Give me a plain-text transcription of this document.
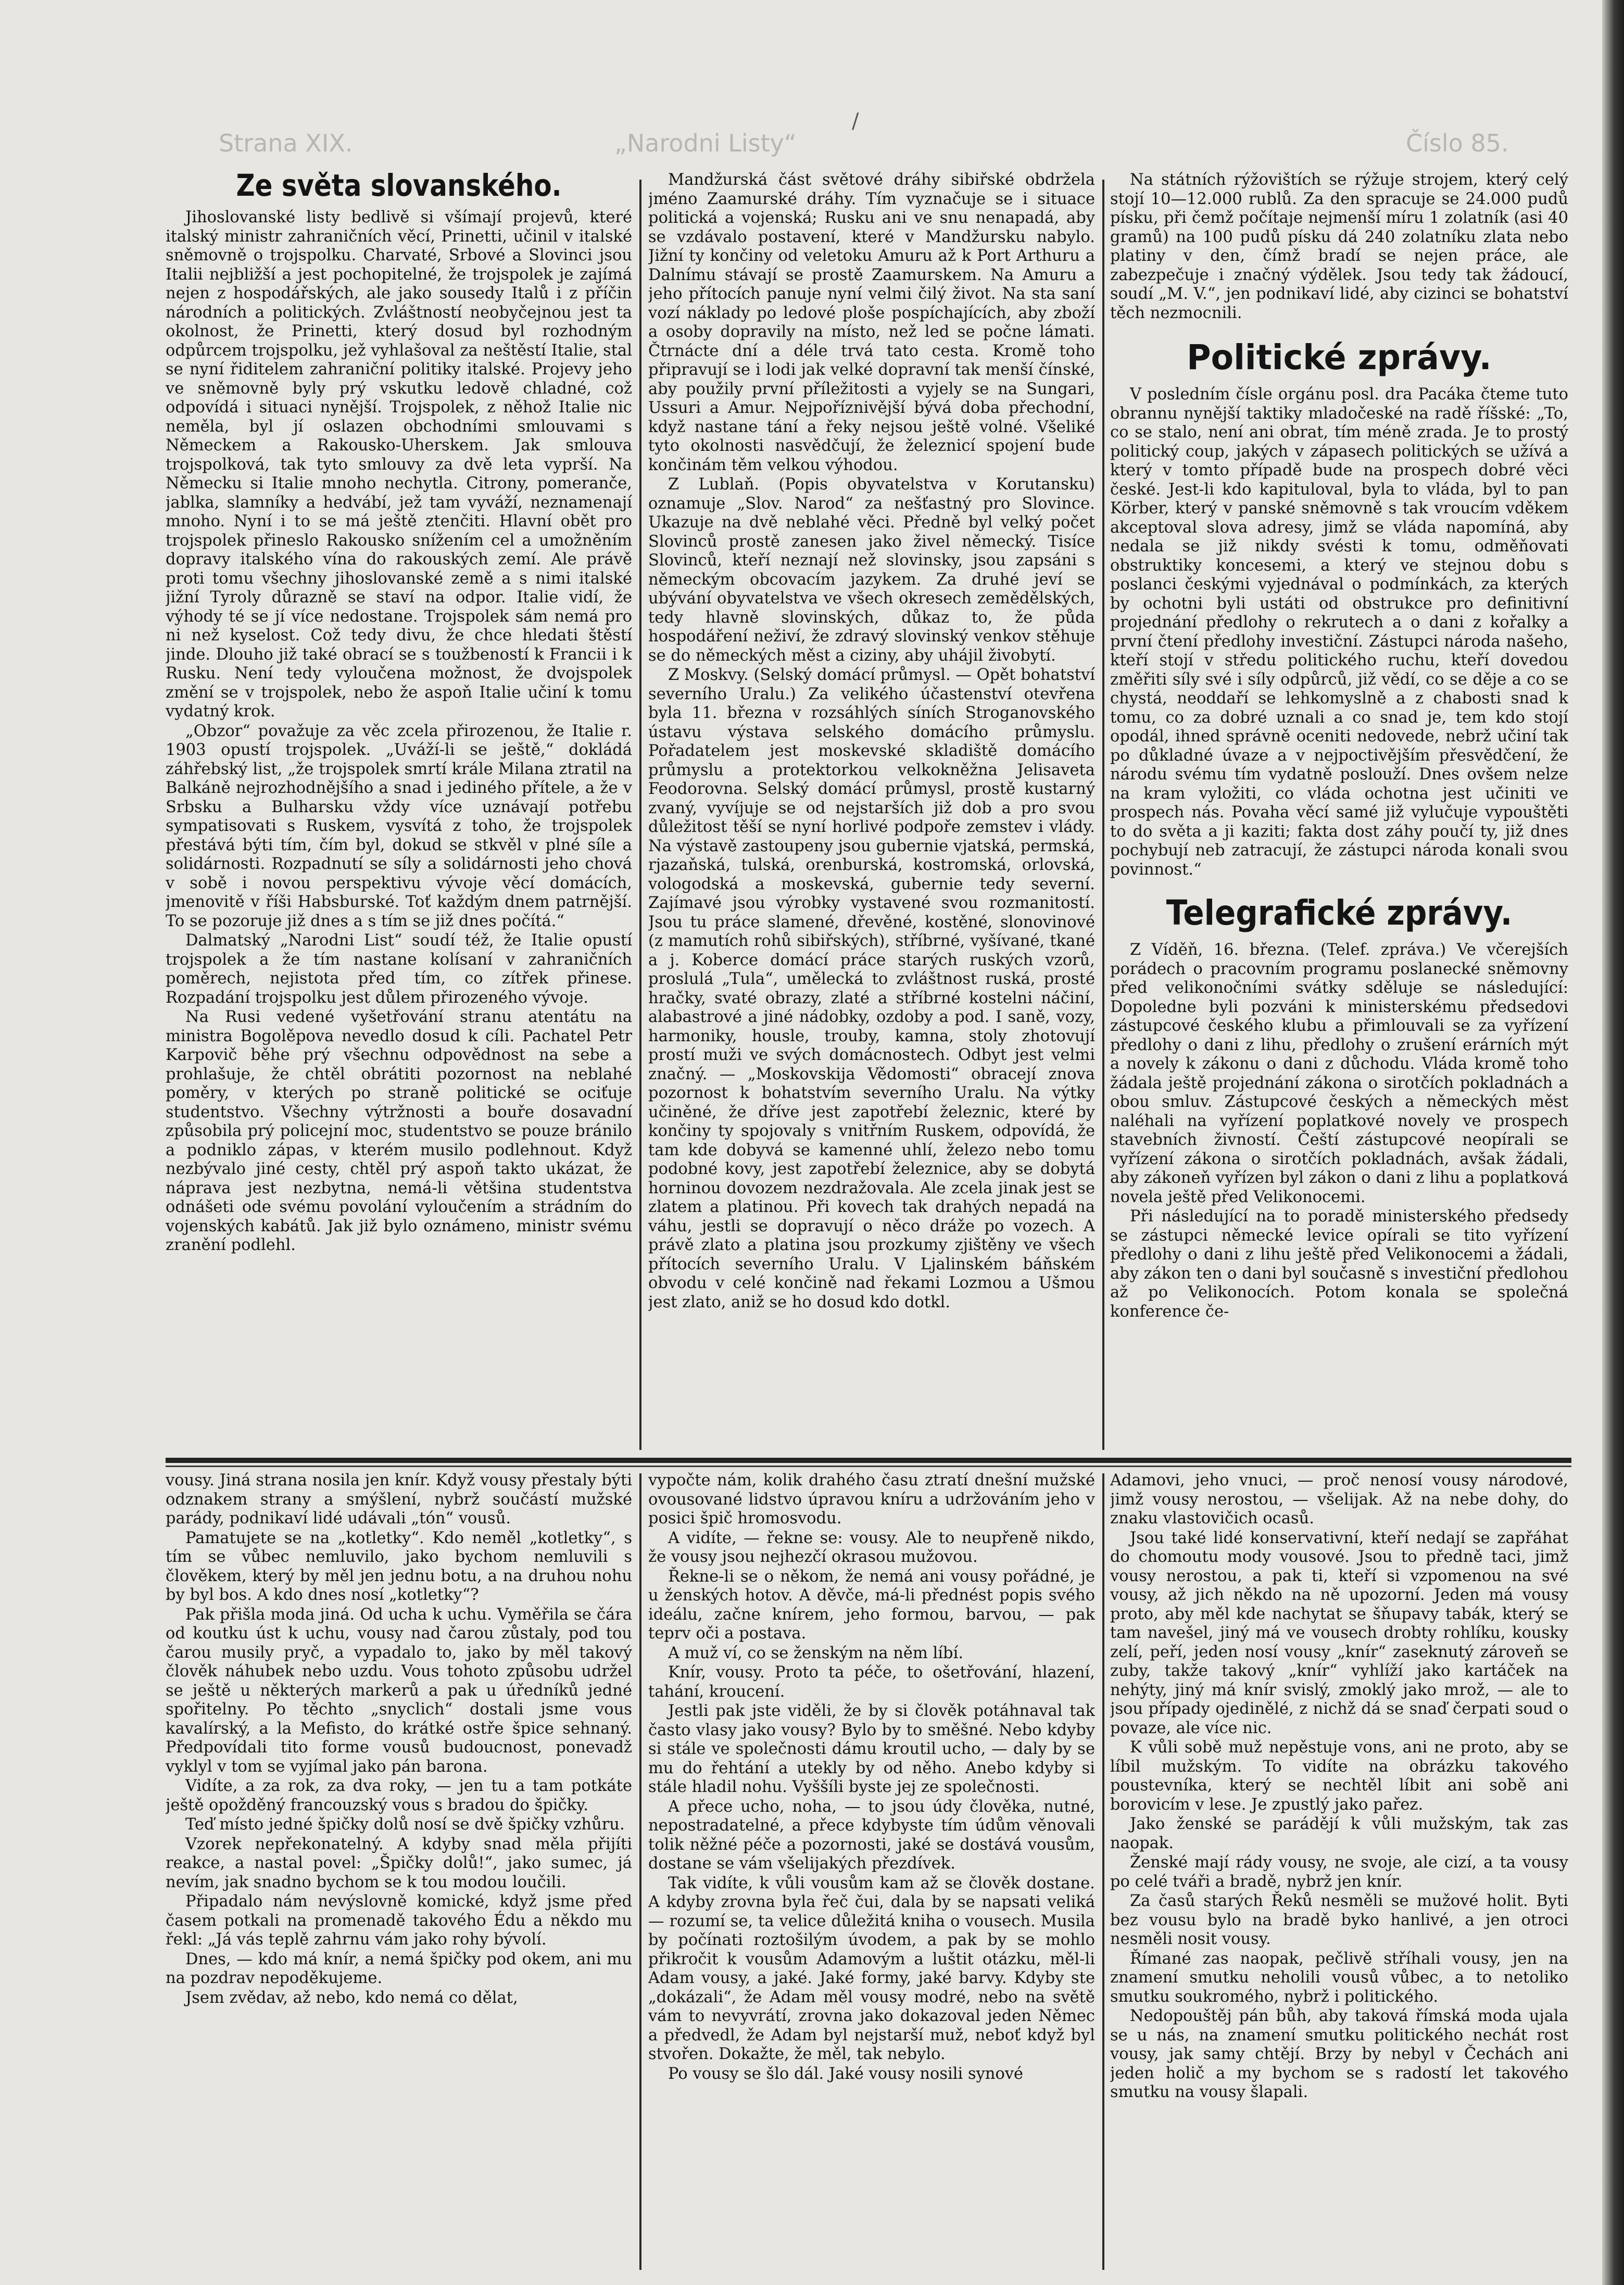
Strana XIX.	„Narodni Listy“	Číslo 85.
/
Ze světa slovanského.

Jihoslovanské listy bedlivě si všímají projevů, které italský ministr zahraničních věcí, Prinetti, učinil v italské sněmovně o trojspolku. Charvaté, Srbové a Slovinci jsou Italii nejbližší a jest pochopitelné, že trojspolek je zajímá nejen z hospodářských, ale jako sousedy Italů i z příčin národních a politických. Zvláštností neobyčejnou jest ta okolnost, že Prinetti, který dosud byl rozhodným odpůrcem trojspolku, jež vyhlašoval za neštěstí Italie, stal se nyní řiditelem zahraniční politiky italské. Projevy jeho ve sněmovně byly prý vskutku ledově chladné, což odpovídá i situaci nynější. Trojspolek, z něhož Italie nic neměla, byl jí oslazen obchodními smlouvami s Německem a Rakousko-Uherskem. Jak smlouva trojspolková, tak tyto smlouvy za dvě leta vyprší. Na Německu si Italie mnoho nechytla. Citrony, pomeranče, jablka, slamníky a hedvábí, jež tam vyváží, neznamenají mnoho. Nyní i to se má ještě ztenčiti. Hlavní obět pro trojspolek přineslo Rakousko snížením cel a umožněním dopravy italského vína do rakouských zemí. Ale právě proti tomu všechny jihoslovanské země a s nimi italské jižní Tyroly důrazně se staví na odpor. Italie vidí, že výhody té se jí více nedostane. Trojspolek sám nemá pro ni než kyselost. Což tedy divu, že chce hledati štěstí jinde. Dlouho již také obrací se s toužbeností k Francii i k Rusku. Není tedy vyloučena možnost, že dvojspolek změní se v trojspolek, nebo že aspoň Italie učiní k tomu vydatný krok.

„Obzor“ považuje za věc zcela přirozenou, že Italie r. 1903 opustí trojspolek. „Uváží-li se ještě,“ dokládá záhřebský list, „že trojspolek smrtí krále Milana ztratil na Balkáně nejrozhodnějšího a snad i jediného přítele, a že v Srbsku a Bulharsku vždy více uznávají potřebu sympatisovati s Ruskem, vysvítá z toho, že trojspolek přestává býti tím, čím byl, dokud se stkvěl v plné síle a solidárnosti. Rozpadnutí se síly a solidárnosti jeho chová v sobě i novou perspektivu vývoje věcí domácích, jmenovitě v říši Habsburské. Toť každým dnem patrnější. To se pozoruje již dnes a s tím se již dnes počítá.“

Dalmatský „Narodni List“ soudí též, že Italie opustí trojspolek a že tím nastane kolísaní v zahraničních poměrech, nejistota před tím, co zítřek přinese. Rozpadání trojspolku jest důlem přirozeného vývoje.

Na Rusi vedené vyšetřování stranu atentátu na ministra Bogolěpova nevedlo dosud k cíli. Pachatel Petr Karpovič běhe prý všechnu odpovědnost na sebe a prohlašuje, že chtěl obrátiti pozornost na neblahé poměry, v kterých po straně politické se ociťuje studentstvo. Všechny výtržnosti a bouře dosavadní způsobila prý policejní moc, studentstvo se pouze bránilo a podniklo zápas, v kterém musilo podlehnout. Když nezbývalo jiné cesty, chtěl prý aspoň takto ukázat, že náprava jest nezbytna, nemá-li většina studentstva odnášeti ode svému povolání vyloučením a strádním do vojenských kabátů. Jak již bylo oznámeno, ministr svému zranění podlehl.

Mandžurská část světové dráhy sibiřské obdržela jméno Zaamurské dráhy. Tím vyznačuje se i situace politická a vojenská; Rusku ani ve snu nenapadá, aby se vzdávalo postavení, které v Mandžursku nabylo. Jižní ty končiny od veletoku Amuru až k Port Arthuru a Dalnímu stávají se prostě Zaamurskem. Na Amuru a jeho přítocích panuje nyní velmi čilý život. Na sta saní vozí náklady po ledové ploše pospíchajících, aby zboží a osoby dopravily na místo, než led se počne lámati. Čtrnácte dní a déle trvá tato cesta. Kromě toho připravují se i lodi jak velké dopravní tak menší čínské, aby použily první příležitosti a vyjely se na Sungari, Ussuri a Amur. Nejpoříznivější bývá doba přechodní, když nastane tání a řeky nejsou ještě volné. Všeliké tyto okolnosti nasvědčují, že železnicí spojení bude končinám těm velkou výhodou.

Z Lublaň. (Popis obyvatelstva v Korutansku) oznamuje „Slov. Narod“ za nešťastný pro Slovince. Ukazuje na dvě neblahé věci. Předně byl velký počet Slovinců prostě zanesen jako živel německý. Tisíce Slovinců, kteří neznají než slovinsky, jsou zapsáni s německým obcovacím jazykem. Za druhé jeví se ubývání obyvatelstva ve všech okresech zemědělských, tedy hlavně slovinských, důkaz to, že půda hospodáření neživí, že zdravý slovinský venkov stěhuje se do německých měst a ciziny, aby uhájil živobytí.

Z Moskvy. (Selský domácí průmysl. — Opět bohatství severního Uralu.) Za velikého účastenství otevřena byla 11. března v rozsáhlých síních Stroganovského ústavu výstava selského domácího průmyslu. Pořadatelem jest moskevské skladiště domácího průmyslu a protektorkou velkokněžna Jelisaveta Feodorovna. Selský domácí průmysl, prostě kustarný zvaný, vyvíjuje se od nejstarších již dob a pro svou důležitost těší se nyní horlivé podpoře zemstev i vlády. Na výstavě zastoupeny jsou gubernie vjatská, permská, rjazaňská, tulská, orenburská, kostromská, orlovská, vologodská a moskevská, gubernie tedy severní. Zajímavé jsou výrobky vystavené svou rozmanitostí. Jsou tu práce slamené, dřevěné, kostěné, slonovinové (z mamutích rohů sibiřských), stříbrné, vyšívané, tkané a j. Koberce domácí práce starých ruských vzorů, proslulá „Tula“, umělecká to zvláštnost ruská, prosté hračky, svaté obrazy, zlaté a stříbrné kostelni náčiní, alabastrové a jiné nádobky, ozdoby a pod. I saně, vozy, harmoniky, housle, trouby, kamna, stoly zhotovují prostí muži ve svých domácnostech. Odbyt jest velmi značný. — „Moskovskija Vědomosti“ obracejí znova pozornost k bohatstvím severního Uralu. Na výtky učiněné, že dříve jest zapotřebí železnic, které by končiny ty spojovaly s vnitřním Ruskem, odpovídá, že tam kde dobyvá se kamenné uhlí, železo nebo tomu podobné kovy, jest zapotřebí železnice, aby se dobytá horninou dovozem nezdražovala. Ale zcela jinak jest se zlatem a platinou. Při kovech tak drahých nepadá na váhu, jestli se dopravují o něco dráže po vozech. A právě zlato a platina jsou prozkumy zjištěny ve všech přítocích severního Uralu. V Ljalinském báňském obvodu v celé končině nad řekami Lozmou a Ušmou jest zlato, aniž se ho dosud kdo dotkl.

Na státních rýžovištích se rýžuje strojem, který celý stojí 10—12.000 rublů. Za den spracuje se 24.000 pudů písku, při čemž počítaje nejmenší míru 1 zolatník (asi 40 gramů) na 100 pudů písku dá 240 zolatníku zlata nebo platiny v den, čímž bradí se nejen práce, ale zabezpečuje i značný výdělek. Jsou tedy tak žádoucí, soudí „M. V.“, jen podnikaví lidé, aby cizinci se bohatství těch nezmocnili.

Politické zprávy.

V posledním čísle orgánu posl. dra Pacáka čteme tuto obrannu nynější taktiky mladočeské na radě říšské: „To, co se stalo, není ani obrat, tím méně zrada. Je to prostý politický coup, jakých v zápasech politických se užívá a který v tomto případě bude na prospech dobré věci české. Jest-li kdo kapituloval, byla to vláda, byl to pan Körber, který v panské sněmovně s tak vroucím vděkem akceptoval slova adresy, jimž se vláda napomíná, aby nedala se již nikdy svésti k tomu, odměňovati obstruktiky koncesemi, a který ve stejnou dobu s poslanci českými vyjednával o podmínkách, za kterých by ochotni byli ustáti od obstrukce pro definitivní projednání předlohy o rekrutech a o dani z kořalky a první čtení předlohy investiční. Zástupci národa našeho, kteří stojí v středu politického ruchu, kteří dovedou změřiti síly své i síly odpůrců, již vědí, co se děje a co se chystá, neoddaří se lehkomyslně a z chabosti snad k tomu, co za dobré uznali a co snad je, tem kdo stojí opodál, ihned správně oceniti nedovede, nebrž učiní tak po důkladné úvaze a v nejpoctivějším přesvědčení, že národu svému tím vydatně poslouží. Dnes ovšem nelze na kram vyložiti, co vláda ochotna jest učiniti ve prospech nás. Povaha věcí samé již vylučuje vypouštěti to do světa a ji kaziti; fakta dost záhy poučí ty, již dnes pochybují neb zatracují, že zástupci národa konali svou povinnost.“

Telegrafické zprávy.

Z Víděň, 16. března. (Telef. zpráva.) Ve včerejších porádech o pracovním programu poslanecké sněmovny před velikonočními svátky sděluje se následující: Dopoledne byli pozváni k ministerskému předsedovi zástupcové českého klubu a přimlouvali se za vyřízení předlohy o dani z lihu, předlohy o zrušení erárních mýt a novely k zákonu o dani z důchodu. Vláda kromě toho žádala ještě projednání zákona o sirotčích pokladnách a obou smluv. Zástupcové českých a německých měst naléhali na vyřízení poplatkové novely ve prospech stavebních živností. Čeští zástupcové neopírali se vyřízení zákona o sirotčích pokladnách, avšak žádali, aby zákoneň vyřízen byl zákon o dani z lihu a poplatková novela ještě před Velikonocemi.

Při následující na to poradě ministerského předsedy se zástupci německé levice opírali se tito vyřízení předlohy o dani z lihu ještě před Velikonocemi a žádali, aby zákon ten o dani byl současně s investiční předlohou až po Velikonocích. Potom konala se společná konference če-

vousy. Jiná strana nosila jen knír. Když vousy přestaly býti odznakem strany a smýšlení, nybrž součástí mužské parády, podnikaví lidé udávali „tón“ vousů.

Pamatujete se na „kotletky“. Kdo neměl „kotletky“, s tím se vůbec nemluvilo, jako bychom nemluvili s člověkem, který by měl jen jednu botu, a na druhou nohu by byl bos. A kdo dnes nosí „kotletky“?

Pak přišla moda jiná. Od ucha k uchu. Vyměřila se čára od koutku úst k uchu, vousy nad čarou zůstaly, pod tou čarou musily pryč, a vypadalo to, jako by měl takový člověk náhubek nebo uzdu. Vous tohoto způsobu udržel se ještě u některých markerů a pak u úředníků jedné spořitelny. Po těchto „snyclich“ dostali jsme vous kavalírský, a la Mefisto, do krátké ostře špice sehnaný. Předpovídali tito forme vousů budoucnost, ponevadž vyklyl v tom se vyjímal jako pán barona.

Vidíte, a za rok, za dva roky, — jen tu a tam potkáte ještě opožděný francouzský vous s bradou do špičky.

Teď místo jedné špičky dolů nosí se dvě špičky vzhůru.

Vzorek nepřekonatelný. A kdyby snad měla přijíti reakce, a nastal povel: „Špičky dolů!“, jako sumec, já nevím, jak snadno bychom se k tou modou loučili.

Připadalo nám nevýslovně komické, když jsme před časem potkali na promenadě takového Édu a někdo mu řekl: „Já vás teplě zahrnu vám jako rohy bývolí.

Dnes, — kdo má knír, a nemá špičky pod okem, ani mu na pozdrav nepoděkujeme.

Jsem zvědav, až nebo, kdo nemá co dělat,

vypočte nám, kolik drahého času ztratí dnešní mužské ovousované lidstvo úpravou kníru a udržováním jeho v posici špič hromosvodu.

A vidíte, — řekne se: vousy. Ale to neupřeně nikdo, že vousy jsou nejhezčí okrasou mužovou.

Řekne-li se o někom, že nemá ani vousy pořádné, je u ženských hotov. A děvče, má-li přednést popis svého ideálu, začne knírem, jeho formou, barvou, — pak teprv oči a postava.

A muž ví, co se ženským na něm líbí.

Knír, vousy. Proto ta péče, to ošetřování, hlazení, tahání, kroucení.

Jestli pak jste viděli, že by si člověk potáhnaval tak často vlasy jako vousy? Bylo by to směšné. Nebo kdyby si stále ve společnosti dámu kroutil ucho, — daly by se mu do řehtání a utekly by od něho. Anebo kdyby si stále hladil nohu. Vyššíli byste jej ze společnosti.

A přece ucho, noha, — to jsou údy člověka, nutné, nepostradatelné, a přece kdybyste tím údům věnovali tolik něžné péče a pozornosti, jaké se dostává vousům, dostane se vám všelijakých přezdívek.

Tak vidíte, k vůli vousům kam až se člověk dostane. A kdyby zrovna byla řeč čui, dala by se napsati veliká — rozumí se, ta velice důležitá kniha o vousech. Musila by počínati roztošilým úvodem, a pak by se mohlo přikročit k vousům Adamovým a luštit otázku, měl-li Adam vousy, a jaké. Jaké formy, jaké barvy. Kdyby ste „dokázali“, že Adam měl vousy modré, nebo na světě vám to nevyvrátí, zrovna jako dokazoval jeden Němec a předvedl, že Adam byl nejstarší muž, neboť když byl stvořen. Dokažte, že měl, tak nebylo.

Po vousy se šlo dál. Jaké vousy nosili synové

Adamovi, jeho vnuci, — proč nenosí vousy národové, jimž vousy nerostou, — všelijak. Až na nebe dohy, do znaku vlastovičich ocasů.

Jsou také lidé konservativní, kteří nedají se zapřáhat do chomoutu mody vousové. Jsou to předně taci, jimž vousy nerostou, a pak ti, kteří si vzpomenou na své vousy, až jich někdo na ně upozorní. Jeden má vousy proto, aby měl kde nachytat se šňupavy tabák, který se tam navešel, jiný má ve vousech drobty rohlíku, kousky zelí, peří, jeden nosí vousy „knír“ zaseknutý zároveň se zuby, takže takový „knír“ vyhlíží jako kartáček na nehýty, jiný má knír svislý, zmoklý jako mrož, — ale to jsou případy ojedinělé, z nichž dá se snaď čerpati soud o povaze, ale více nic.

K vůli sobě muž nepěstuje vons, ani ne proto, aby se líbil mužským. To vidíte na obrázku takového poustevníka, který se nechtěl líbit ani sobě ani borovicím v lese. Je zpustlý jako pařez.

Jako ženské se parádějí k vůli mužským, tak zas naopak.

Ženské mají rády vousy, ne svoje, ale cizí, a ta vousy po celé tváři a bradě, nybrž jen knír.

Za časů starých Řeků nesměli se mužové holit. Byti bez vousu bylo na bradě byko hanlivé, a jen otroci nesměli nosit vousy.

Římané zas naopak, pečlivě stříhali vousy, jen na znamení smutku neholili vousů vůbec, a to netoliko smutku soukromého, nybrž i politického.

Nedopouštěj pán bůh, aby taková římská moda ujala se u nás, na znamení smutku politického nechát rost vousy, jak samy chtějí. Brzy by nebyl v Čechách ani jeden holič a my bychom se s radostí let takového smutku na vousy šlapali.
